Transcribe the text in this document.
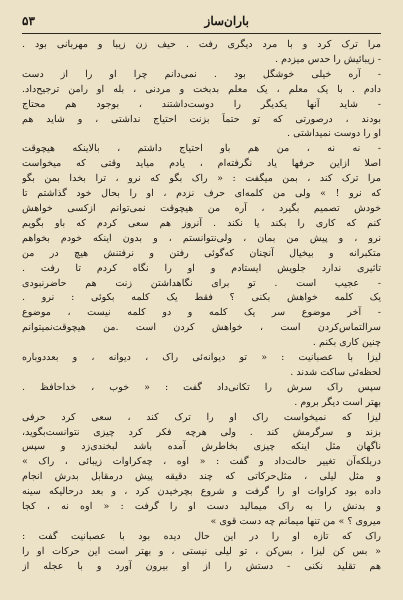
باران‌ساز
۵۳
مرا ترک کرد و با مرد دیگری رفت . حیف زن زیبا و مهربانی بود .
- زیبائیش را حدس میزدم .
- آره خیلی خوشگل بود . نمی‌دانم چرا او را از دست
دادم . با یک معلم ، یک معلم بدبخت و مردنی ، بله او رامن ترجیح‌داد.
- شاید آنها یکدیگر را دوست‌داشتند ، بوجود هم محتاج
بودند ، درصورتی که تو حتماً بزنت احتیاج نداشتی ، و شاید هم
او را دوست نمیداشتی .
- نه نه ، من هم باو احتیاج داشتم ، بالاینکه هیچوقت
اصلا ازاین حرفها یاد نگرفته‌ام ، یادم میاید وقتی که میخواست
مرا ترک کند ، بمن میگفت : « راک بگو که نرو ، ترا بخدا بمن بگو
که نرو ! » ولی من کلمه‌ای حرف نزدم ، او را بحال خود گذاشتم تا
خودش تصمیم بگیرد ، آره من هیچوقت نمی‌توانم ازکسی خواهش
کنم که کاری را بکند یا نکند . آنروز هم سعی کردم که باو بگویم
نرو ، و پیش من بمان ، ولی‌نتوانستم ، و بدون اینکه خودم بخواهم
متکبرانه و بیخیال آنچنان که‌گوئی رفتن و نرفتنش هیچ در من
تاثیری ندارد جلویش ایستادم و او را نگاه کردم تا رفت .
- عجیب است . تو برای نگاهداشتن زنت هم حاضرنبودی
یک کلمه خواهش بکنی ؟ فقط یک کلمه بکوئی : نرو .
- آخر موضوع سر یک کلمه و دو کلمه نیست ، موضوع
سرالتماس‌کردن است ، خواهش کردن است .من هیچوقت‌نمیتوانم
چنین کاری بکنم .
لیزا با عصبانیت : « تو دیوانه‌ئی راک ، دیوانه ، و بعددوباره
لحظه‌ئی ساکت شدند .
سپس راک سرش را تکانی‌داد گفت : « خوب ، خداحافظ .
بهتر است دیگر بروم .
لیزا که نمیخواست راک او را ترک کند ، سعی کرد حرفی
بزند و سرگرمش کند . ولی هرچه فکر کرد چیزی نتوانست‌بگوید،
ناگهان مثل اینکه چیزی بخاطرش آمده باشد لبخندی‌زد و سپس
دربلکه‌آن تغییر حالت‌داد و گفت : « اوه ، چه‌کراوات زیبائی ، راک »
و مثل لیلی ، مثل‌حرکاتی که چند دقیقه پیش درمقابل بدرش انجام
داده بود کراوات او را گرفت و شروع بچرخیدن کرد ، و بعد درحالیکه سینه
و بدنش را به راک میمالید دست او را گرفت : « اوه نه ، کجا
میروی ؟ » من تنها میمانم چه دست قوی »
راک که تازه او را در این حال دیده بود با عصبانیت گفت :
« بس کن لیزا ، بس‌کن ، تو لیلی نیستی ، و بهتر است این حرکات او را
هم تقلید نکنی - دستش را از او بیرون آورد و با عجله از
